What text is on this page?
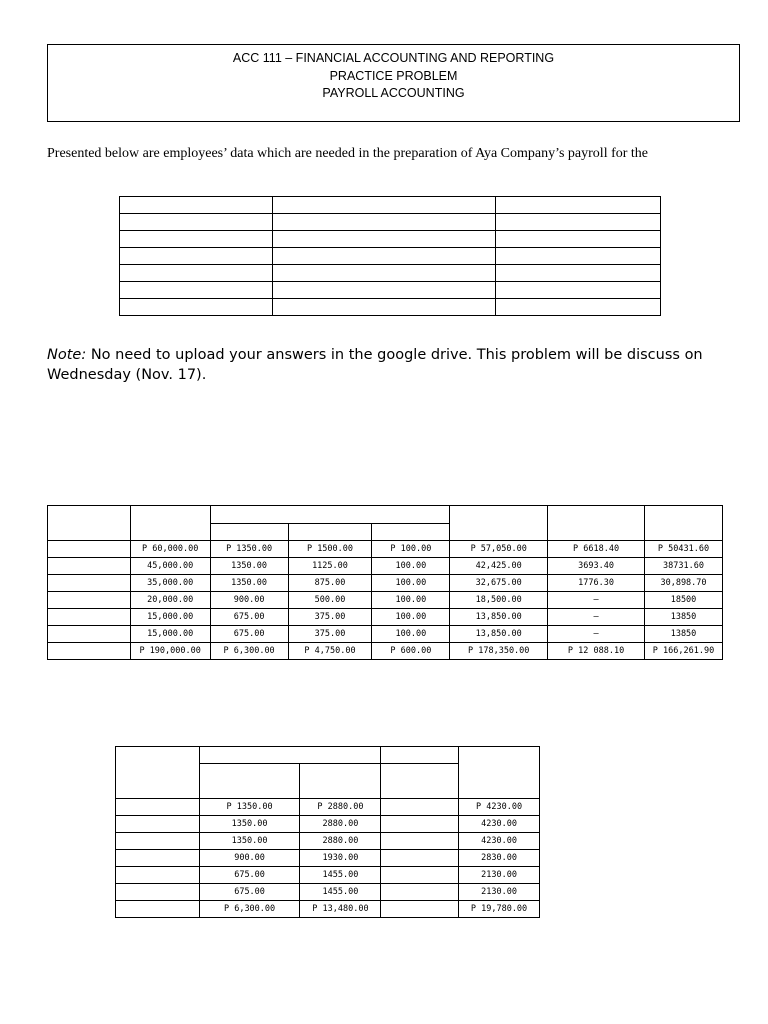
ACC 111 – FINANCIAL ACCOUNTING AND REPORTING
PRACTICE PROBLEM
PAYROLL ACCOUNTING
Presented below are employees’ data which are needed in the preparation of Aya Company’s payroll for the

Note: No need to upload your answers in the google drive. This problem will be discuss on Wednesday (Nov. 17).

	P 60,000.00	P 1350.00	P 1500.00	P 100.00	P 57,050.00	P 6618.40	P 50431.60
	45,000.00	1350.00	1125.00	100.00	42,425.00	3693.40	38731.60
	35,000.00	1350.00	875.00	100.00	32,675.00	1776.30	30,898.70
	20,000.00	900.00	500.00	100.00	18,500.00	—	18500
	15,000.00	675.00	375.00	100.00	13,850.00	—	13850
	15,000.00	675.00	375.00	100.00	13,850.00	—	13850
	P 190,000.00	P 6,300.00	P 4,750.00	P 600.00	P 178,350.00	P 12 088.10	P 166,261.90

	P 1350.00	P 2880.00		P 4230.00
	1350.00	2880.00		4230.00
	1350.00	2880.00		4230.00
	900.00	1930.00		2830.00
	675.00	1455.00		2130.00
	675.00	1455.00		2130.00
	P 6,300.00	P 13,480.00		P 19,780.00
